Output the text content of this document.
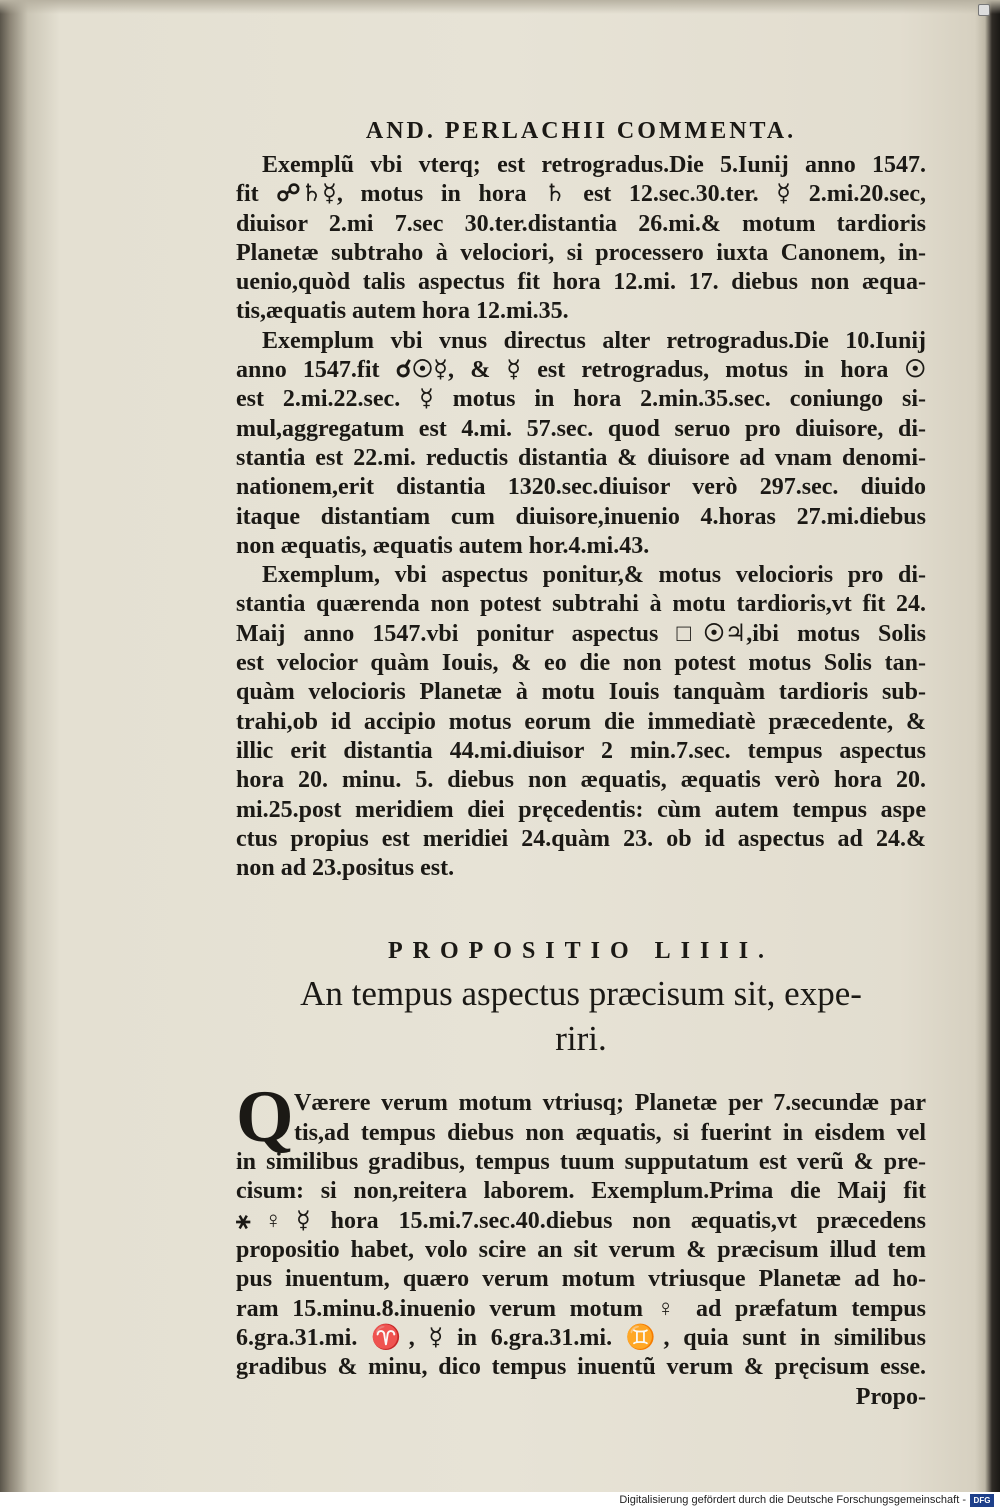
AND. PERLACHII COMMENTA.
Exemplũ vbi vterq; est retrogradus.Die 5.Iunij anno 1547.
fit ☍♄☿, motus in hora ♄ est 12.sec.30.ter. ☿ 2.mi.20.sec,
diuisor 2.mi 7.sec 30.ter.distantia 26.mi.& motum tardioris
Planetæ subtraho à velociori, si processero iuxta Canonem, in-
uenio,quòd talis aspectus fit hora 12.mi. 17. diebus non æqua-
tis,æquatis autem hora 12.mi.35.
Exemplum vbi vnus directus alter retrogradus.Die 10.Iunij
anno 1547.fit ☌☉☿, & ☿ est retrogradus, motus in hora ☉
est 2.mi.22.sec. ☿ motus in hora 2.min.35.sec. coniungo si-
mul,aggregatum est 4.mi. 57.sec. quod seruo pro diuisore, di-
stantia est 22.mi. reductis distantia & diuisore ad vnam denomi-
nationem,erit distantia 1320.sec.diuisor verò 297.sec. diuido
itaque distantiam cum diuisore,inuenio 4.horas 27.mi.diebus
non æquatis, æquatis autem hor.4.mi.43.
Exemplum, vbi aspectus ponitur,& motus velocioris pro di-
stantia quærenda non potest subtrahi à motu tardioris,vt fit 24.
Maij anno 1547.vbi ponitur aspectus □☉♃,ibi motus Solis
est velocior quàm Iouis, & eo die non potest motus Solis tan-
quàm velocioris Planetæ à motu Iouis tanquàm tardioris sub-
trahi,ob id accipio motus eorum die immediatè præcedente, &
illic erit distantia 44.mi.diuisor 2 min.7.sec. tempus aspectus
hora 20. minu. 5. diebus non æquatis, æquatis verò hora 20.
mi.25.post meridiem diei pręcedentis: cùm autem tempus aspe
ctus propius est meridiei 24.quàm 23. ob id aspectus ad 24.&
non ad 23.positus est.
PROPOSITIO LIIII.
An tempus aspectus præcisum sit, expe-
riri.
Q Værere verum motum vtriusq; Planetæ per 7.secundæ par
tis,ad tempus diebus non æquatis, si fuerint in eisdem vel
in similibus gradibus, tempus tuum supputatum est verũ & pre-
cisum: si non,reitera laborem. Exemplum.Prima die Maij fit
⚹♀☿ hora 15.mi.7.sec.40.diebus non æquatis,vt præcedens
propositio habet, volo scire an sit verum & præcisum illud tem
pus inuentum, quæro verum motum vtriusque Planetæ ad ho-
ram 15.minu.8.inuenio verum motum ♀ ad præfatum tempus
6.gra.31.mi. ♈, ☿ in 6.gra.31.mi. ♊, quia sunt in similibus
gradibus & minu, dico tempus inuentũ verum & pręcisum esse.
Propo-
Digitalisierung gefördert durch die Deutsche Forschungsgemeinschaft - DFG
